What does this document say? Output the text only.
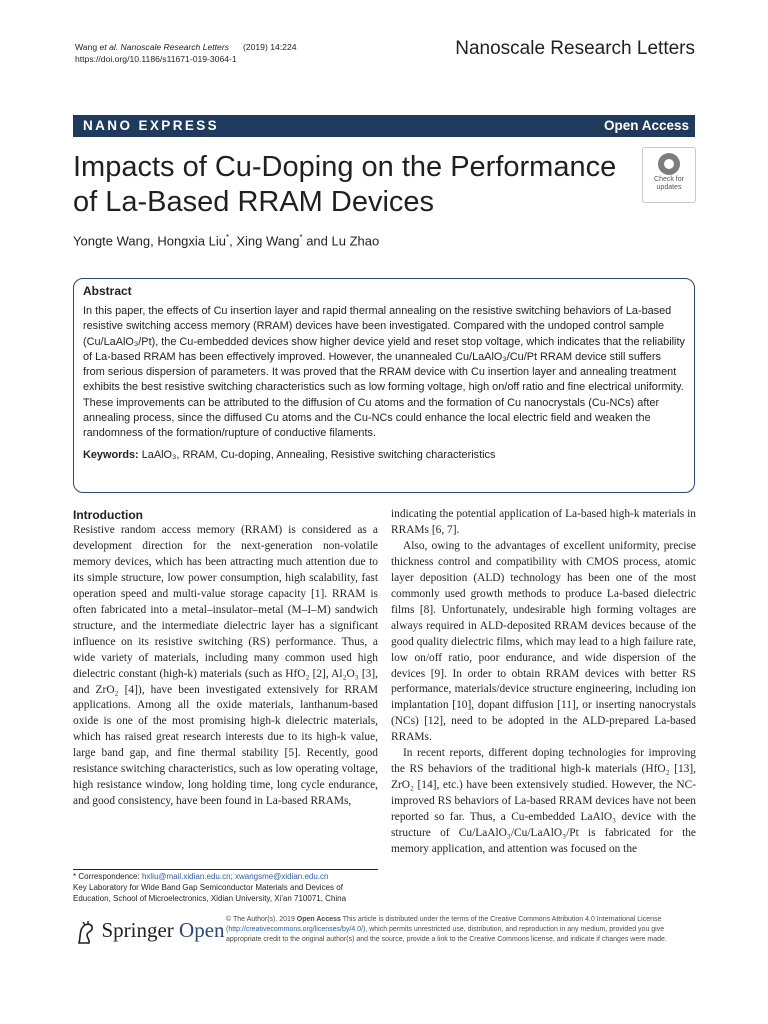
Wang et al. Nanoscale Research Letters (2019) 14:224
https://doi.org/10.1186/s11671-019-3064-1	Nanoscale Research Letters
NANO EXPRESS	Open Access
Impacts of Cu-Doping on the Performance of La-Based RRAM Devices
Check for
updates
Yongte Wang, Hongxia Liu*, Xing Wang* and Lu Zhao
Abstract
In this paper, the effects of Cu insertion layer and rapid thermal annealing on the resistive switching behaviors of La-based resistive switching access memory (RRAM) devices have been investigated. Compared with the undoped control sample (Cu/LaAlO₃/Pt), the Cu-embedded devices show higher device yield and reset stop voltage, which indicates that the reliability of La-based RRAM has been effectively improved. However, the unannealed Cu/LaAlO₃/Cu/Pt RRAM device still suffers from serious dispersion of parameters. It was proved that the RRAM device with Cu insertion layer and annealing treatment exhibits the best resistive switching characteristics such as low forming voltage, high on/off ratio and fine electrical uniformity. These improvements can be attributed to the diffusion of Cu atoms and the formation of Cu nanocrystals (Cu-NCs) after annealing process, since the diffused Cu atoms and the Cu-NCs could enhance the local electric field and weaken the randomness of the formation/rupture of conductive filaments.
Keywords: LaAlO₃, RRAM, Cu-doping, Annealing, Resistive switching characteristics
Introduction

Resistive random access memory (RRAM) is considered as a development direction for the next-generation non-volatile memory devices, which has been attracting much attention due to its simple structure, low power consumption, high scalability, fast operation speed and multi-value storage capacity [1]. RRAM is often fabricated into a metal–insulator–metal (M–I–M) sandwich structure, and the intermediate dielectric layer has a significant influence on its resistive switching (RS) performance. Thus, a wide variety of materials, including many common used high dielectric constant (high-k) materials (such as HfO₂ [2], Al₂O₃ [3], and ZrO₂ [4]), have been investigated extensively for RRAM applications. Among all the oxide materials, lanthanum-based oxide is one of the most promising high-k dielectric materials, which has raised great research interests due to its high-k value, large band gap, and fine thermal stability [5]. Recently, good resistance switching characteristics, such as low operating voltage, high resistance window, long holding time, long cycle endurance, and good consistency, have been found in La-based RRAMs,

indicating the potential application of La-based high-k materials in RRAMs [6, 7].

Also, owing to the advantages of excellent uniformity, precise thickness control and compatibility with CMOS process, atomic layer deposition (ALD) technology has been one of the most commonly used growth methods to produce La-based dielectric films [8]. Unfortunately, undesirable high forming voltages are always required in ALD-deposited RRAM devices because of the good quality dielectric films, which may lead to a high failure rate, low on/off ratio, poor endurance, and wide dispersion of the devices [9]. In order to obtain RRAM devices with better RS performance, materials/device structure engineering, including ion implantation [10], dopant diffusion [11], or inserting nanocrystals (NCs) [12], need to be adopted in the ALD-prepared La-based RRAMs.

In recent reports, different doping technologies for improving the RS behaviors of the traditional high-k materials (HfO₂ [13], ZrO₂ [14], etc.) have been extensively studied. However, the NC-improved RS behaviors of La-based RRAM devices have not been reported so far. Thus, a Cu-embedded LaAlO₃ device with the structure of Cu/LaAlO₃/Cu/LaAlO₃/Pt is fabricated for the memory application, and attention was focused on the

* Correspondence: hxliu@mail.xidian.edu.cn; xwangsme@xidian.edu.cn
Key Laboratory for Wide Band Gap Semiconductor Materials and Devices of Education, School of Microelectronics, Xidian University, Xi'an 710071, China
Springer Open © The Author(s). 2019 Open Access This article is distributed under the terms of the Creative Commons Attribution 4.0 International License (http://creativecommons.org/licenses/by/4.0/), which permits unrestricted use, distribution, and reproduction in any medium, provided you give appropriate credit to the original author(s) and the source, provide a link to the Creative Commons license, and indicate if changes were made.
